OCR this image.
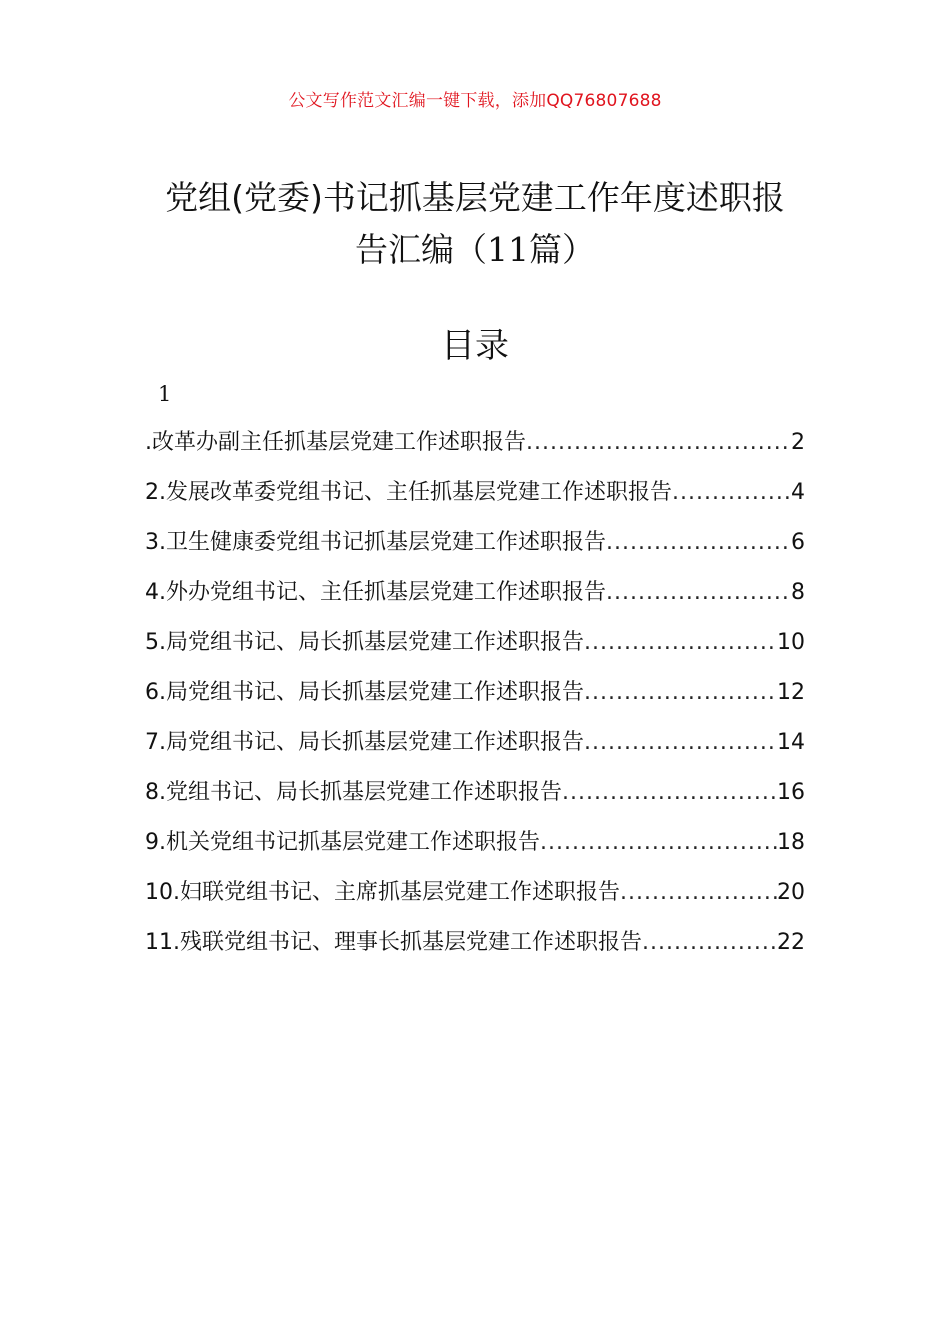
公文写作范文汇编一键下载，添加QQ76807688
党组(党委)书记抓基层党建工作年度述职报
告汇编（11篇）
目录
1
.改革办副主任抓基层党建工作述职报告 .....	2
2.发展改革委党组书记、主任抓基层党建工作述职报告 .....	4
3.卫生健康委党组书记抓基层党建工作述职报告 .....	6
4.外办党组书记、主任抓基层党建工作述职报告 .....	8
5.局党组书记、局长抓基层党建工作述职报告 .....	10
6.局党组书记、局长抓基层党建工作述职报告 .....	12
7.局党组书记、局长抓基层党建工作述职报告 .....	14
8.党组书记、局长抓基层党建工作述职报告 .....	16
9.机关党组书记抓基层党建工作述职报告 .....	18
10.妇联党组书记、主席抓基层党建工作述职报告 .....	20
11.残联党组书记、理事长抓基层党建工作述职报告 .....	22
